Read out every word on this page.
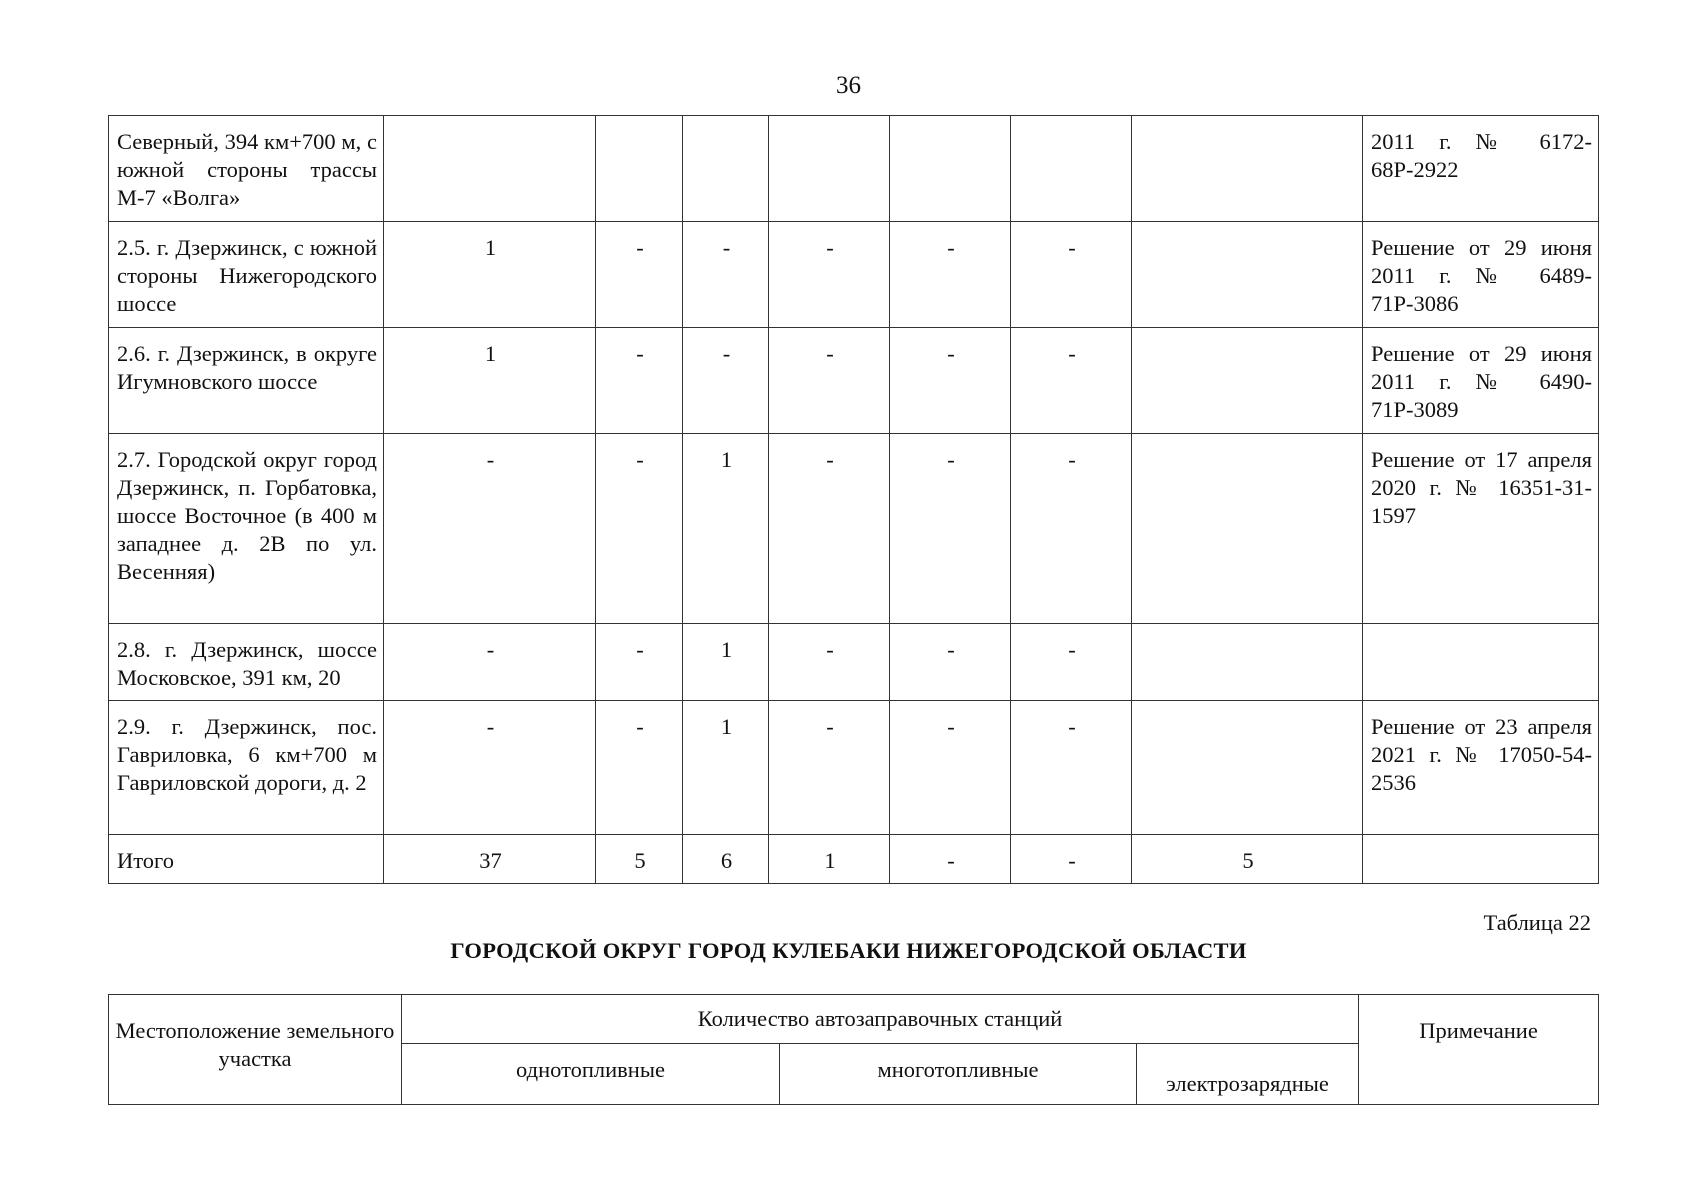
36
Северный, 394 км+700 м, с южной стороны трассы М-7 «Волга»								2011 г. № 6172-68Р-2922
2.5. г. Дзержинск, с южной стороны Нижегородского шоссе	1	-	-	-	-	-		Решение от 29 июня 2011 г. № 6489-71Р-3086
2.6. г. Дзержинск, в округе Игумновского шоссе	1	-	-	-	-	-		Решение от 29 июня 2011 г. № 6490-71Р-3089
2.7. Городской округ город Дзержинск, п. Горбатовка, шоссе Восточное (в 400 м западнее д. 2В по ул. Весенняя)	-	-	1	-	-	-		Решение от 17 апреля 2020 г. № 16351-31-1597
2.8. г. Дзержинск, шоссе Московское, 391 км, 20	-	-	1	-	-	-		
2.9. г. Дзержинск, пос. Гавриловка, 6 км+700 м Гавриловской дороги, д. 2	-	-	1	-	-	-		Решение от 23 апреля 2021 г. № 17050-54-2536
Итого	37	5	6	1	-	-	5	
Таблица 22
ГОРОДСКОЙ ОКРУГ ГОРОД КУЛЕБАКИ НИЖЕГОРОДСКОЙ ОБЛАСТИ
Местоположение земельного участка	Количество автозаправочных станций			Примечание
	однотопливные	многотопливные	электрозарядные	
